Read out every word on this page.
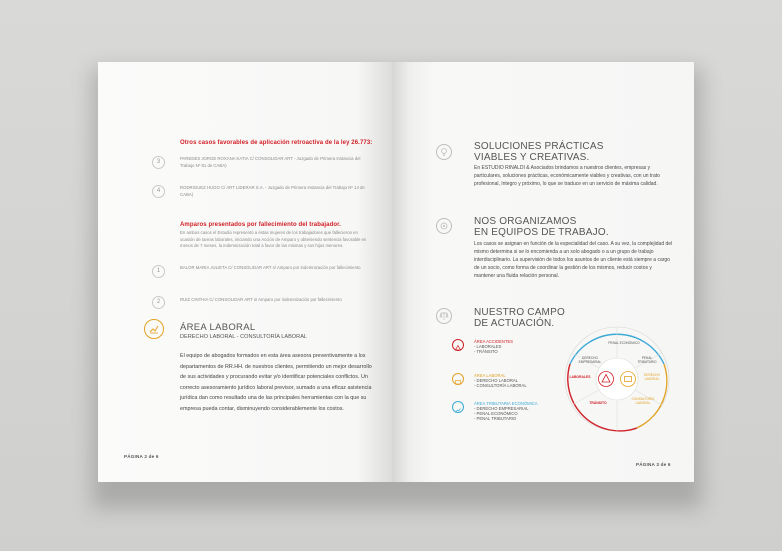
Otros casos favorables de aplicación retroactiva de la ley 26.773:
3
PAREDES JORGE ROXANA KATIA C/ CONSOLIDAR ART - Juzgado de Primera Instancia del Trabajo Nº 81 de CABA)
4
RODRIGUEZ HUGO C/ ART LIDERAR S.A. - Juzgado de Primera Instancia del Trabajo Nº 14 de CABA)
Amparos presentados por fallecimiento del trabajador.
En ambos casos el Estudio representó a éstas mujeres de los trabajadores que fallecieron en ocasión de tareas laborales, iniciando una Acción de Amparo y obteniendo sentencia favorable en menos de 7 meses, la indemnización total a favor de las mismas y sus hijos menores.
1
BALOR MARIA JULIETA C/ CONSOLIDAR ART s/ Amparo por indemnización por fallecimiento
2	RUIZ CINTHIA C/ CONSOLIDAR ART s/ Amparo por indemnización por fallecimiento
ÁREA LABORAL
DERECHO LABORAL - CONSULTORÍA LABORAL
El equipo de abogados formados en esta área asesora preventivamente a los departamentos de RR.HH. de nuestros clientes, permitiendo un mejor desarrollo de sus actividades y procurando evitar y/o identificar potenciales conflictos. Un correcto asesoramiento jurídico laboral previsor, sumado a una eficaz asistencia jurídica dan como resultado una de las principales herramientas con la que su empresa pueda contar, disminuyendo considerablemente los costos.
PÁGINA 2 de 6
SOLUCIONES PRÁCTICAS
VIABLES Y CREATIVAS.
En ESTUDIO RINALDI & Asociados brindamos a nuestros clientes, empresas y particulares, soluciones prácticas, económicamente viables y creativas, con un trato profesional, íntegro y próximo, lo que se traduce en un servicio de máxima calidad.
NOS ORGANIZAMOS
EN EQUIPOS DE TRABAJO.
Los casos se asignan en función de la especialidad del caso. A su vez, la complejidad del mismo determina si se lo encomienda a un solo abogado o a un grupo de trabajo interdisciplinario. La supervisión de todos los asuntos de un cliente está siempre a cargo de un socio, como forma de coordinar la gestión de los mismos, reducir costos y mantener una fluida relación personal.
NUESTRO CAMPO
DE ACTUACIÓN.
ÁREA ACCIDENTES
- LABORALES
- TRÁNSITO
ÁREA LABORAL
- DERECHO LABORAL
- CONSULTORÍA LABORAL
ÁREA TRIBUTARIA ECONÓMICA
- DERECHO EMPRESARIAL
- PENAL ECONÓMICO
- PENAL TRIBUTARIO
PENAL ECONÓMICO
PENAL TRIBUTARIO
DERECHO EMPRESARIAL
LABORALES	DERECHO LABORAL
CONSULTORÍA LABORAL
TRÁNSITO
PÁGINA 3 de 6
